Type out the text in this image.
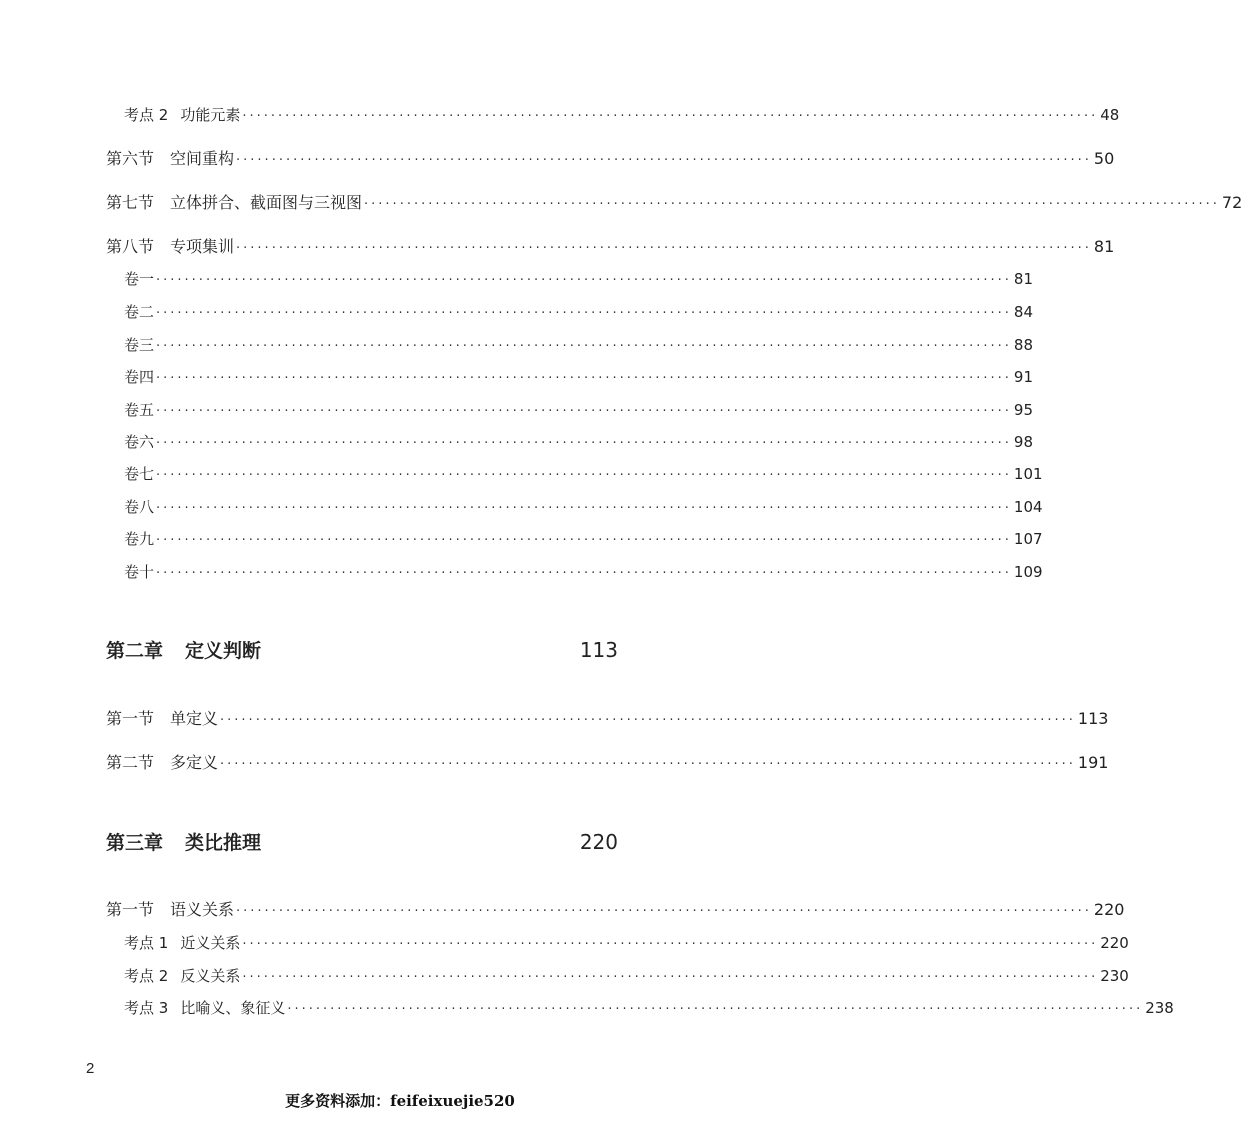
考点 2 功能元素 ························································································································ 48
第六节 空间重构 ························································································································ 50
第七节 立体拼合、截面图与三视图 ························································································································ 72
第八节 专项集训 ························································································································ 81
卷一 ························································································································ 81
卷二 ························································································································ 84
卷三 ························································································································ 88
卷四 ························································································································ 91
卷五 ························································································································ 95
卷六 ························································································································ 98
卷七 ························································································································ 101
卷八 ························································································································ 104
卷九 ························································································································ 107
卷十 ························································································································ 109
第二章 定义判断	113
第一节 单定义 ························································································································ 113
第二节 多定义 ························································································································ 191
第三章 类比推理	220
第一节 语义关系 ························································································································ 220
考点 1 近义关系 ························································································································ 220
考点 2 反义关系 ························································································································ 230
考点 3 比喻义、象征义 ························································································································ 238
2
更多资料添加：feifeixuejie520
